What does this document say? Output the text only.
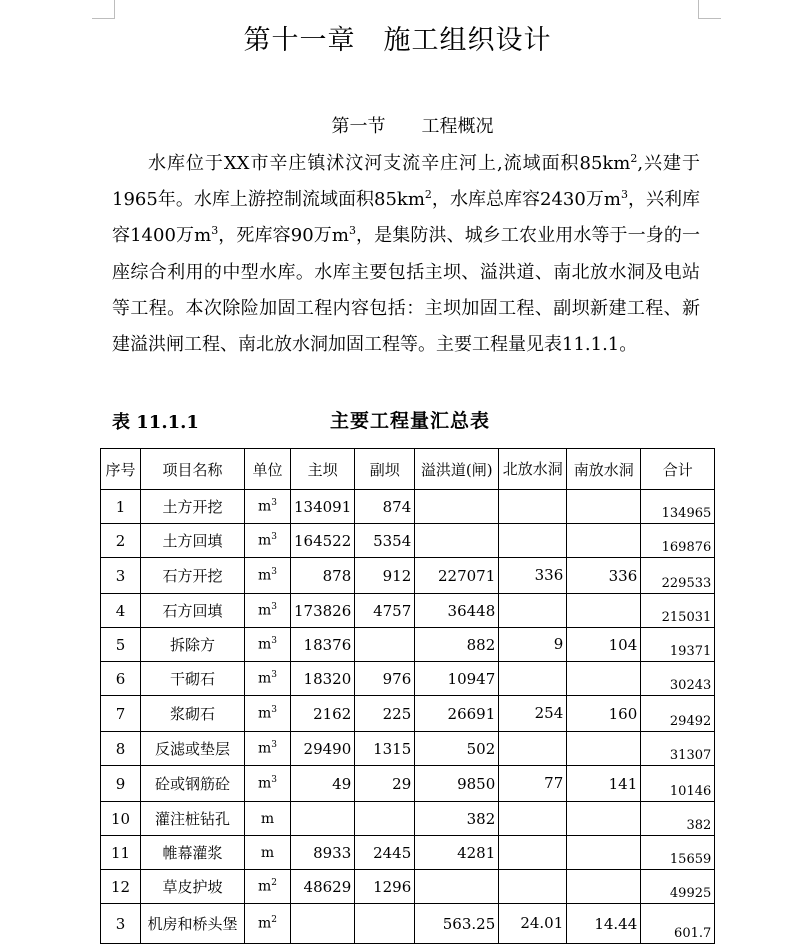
第十一章　施工组织设计
第一节　　工程概况

水库位于XX市辛庄镇沭汶河支流辛庄河上,流域面积$85km^2$,兴建于1965年。水库上游控制流域面积$85km^2$，水库总库容2430万$m^3$，兴利库容1400万$m^3$，死库容90万$m^3$，是集防洪、城乡工农业用水等于一身的一座综合利用的中型水库。水库主要包括主坝、溢洪道、南北放水洞及电站等工程。本次除险加固工程内容包括：主坝加固工程、副坝新建工程、新建溢洪闸工程、南北放水洞加固工程等。主要工程量见表11.1.1。

表 11.1.1	主要工程量汇总表
序号	项目名称	单位	主坝	副坝	溢洪道(闸)	北放水洞	南放水洞	合计
1	土方开挖	$m^3$	134091	874				134965
2	土方回填	$m^3$	164522	5354				169876
3	石方开挖	$m^3$	878	912	227071	336	336	229533
4	石方回填	$m^3$	173826	4757	36448			215031
5	拆除方	$m^3$	18376		882	9	104	19371
6	干砌石	$m^3$	18320	976	10947			30243
7	浆砌石	$m^3$	2162	225	26691	254	160	29492
8	反滤或垫层	$m^3$	29490	1315	502			31307
9	砼或钢筋砼	$m^3$	49	29	9850	77	141	10146
10	灌注桩钻孔	m			382			382
11	帷幕灌浆	m	8933	2445	4281			15659
12	草皮护坡	$m^2$	48629	1296				49925
3	机房和桥头堡	$m^2$			563.25	24.01	14.44	601.7
